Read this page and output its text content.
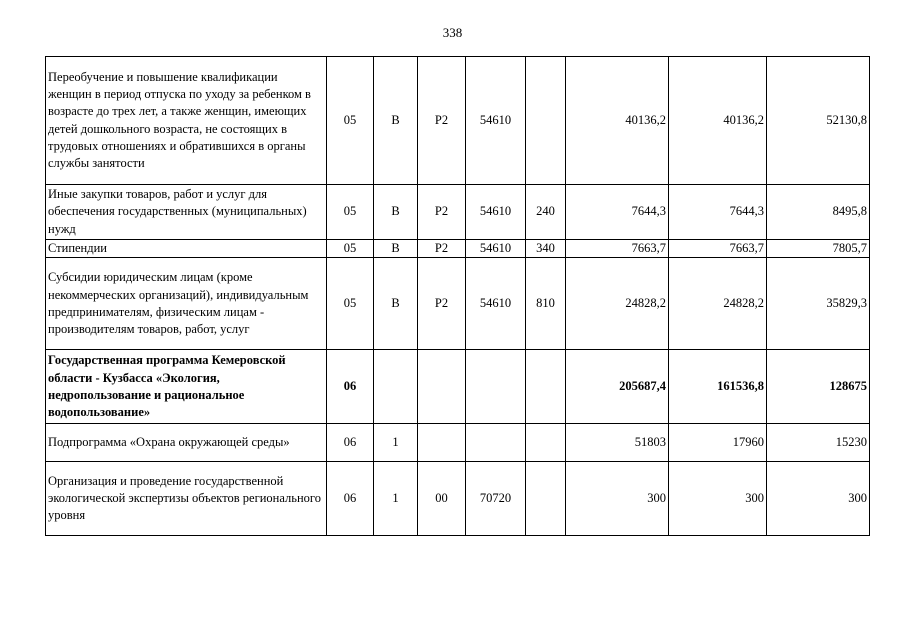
338
Переобучение и повышение квалификации женщин в период отпуска по уходу за ребенком в возрасте до трех лет, а также женщин, имеющих детей дошкольного возраста, не состоящих в трудовых отношениях и обратившихся в органы службы занятости	05	В	Р2	54610		40136,2	40136,2	52130,8
Иные закупки товаров, работ и услуг для обеспечения государственных (муниципальных) нужд	05	В	Р2	54610	240	7644,3	7644,3	8495,8
Стипендии	05	В	Р2	54610	340	7663,7	7663,7	7805,7
Субсидии юридическим лицам (кроме некоммерческих организаций), индивидуальным предпринимателям, физическим лицам - производителям товаров, работ, услуг	05	В	Р2	54610	810	24828,2	24828,2	35829,3
Государственная программа Кемеровской области - Кузбасса «Экология, недропользование и рациональное водопользование»	06					205687,4	161536,8	128675
Подпрограмма «Охрана окружающей среды»	06	1				51803	17960	15230
Организация и проведение государственной экологической экспертизы объектов регионального уровня	06	1	00	70720		300	300	300
